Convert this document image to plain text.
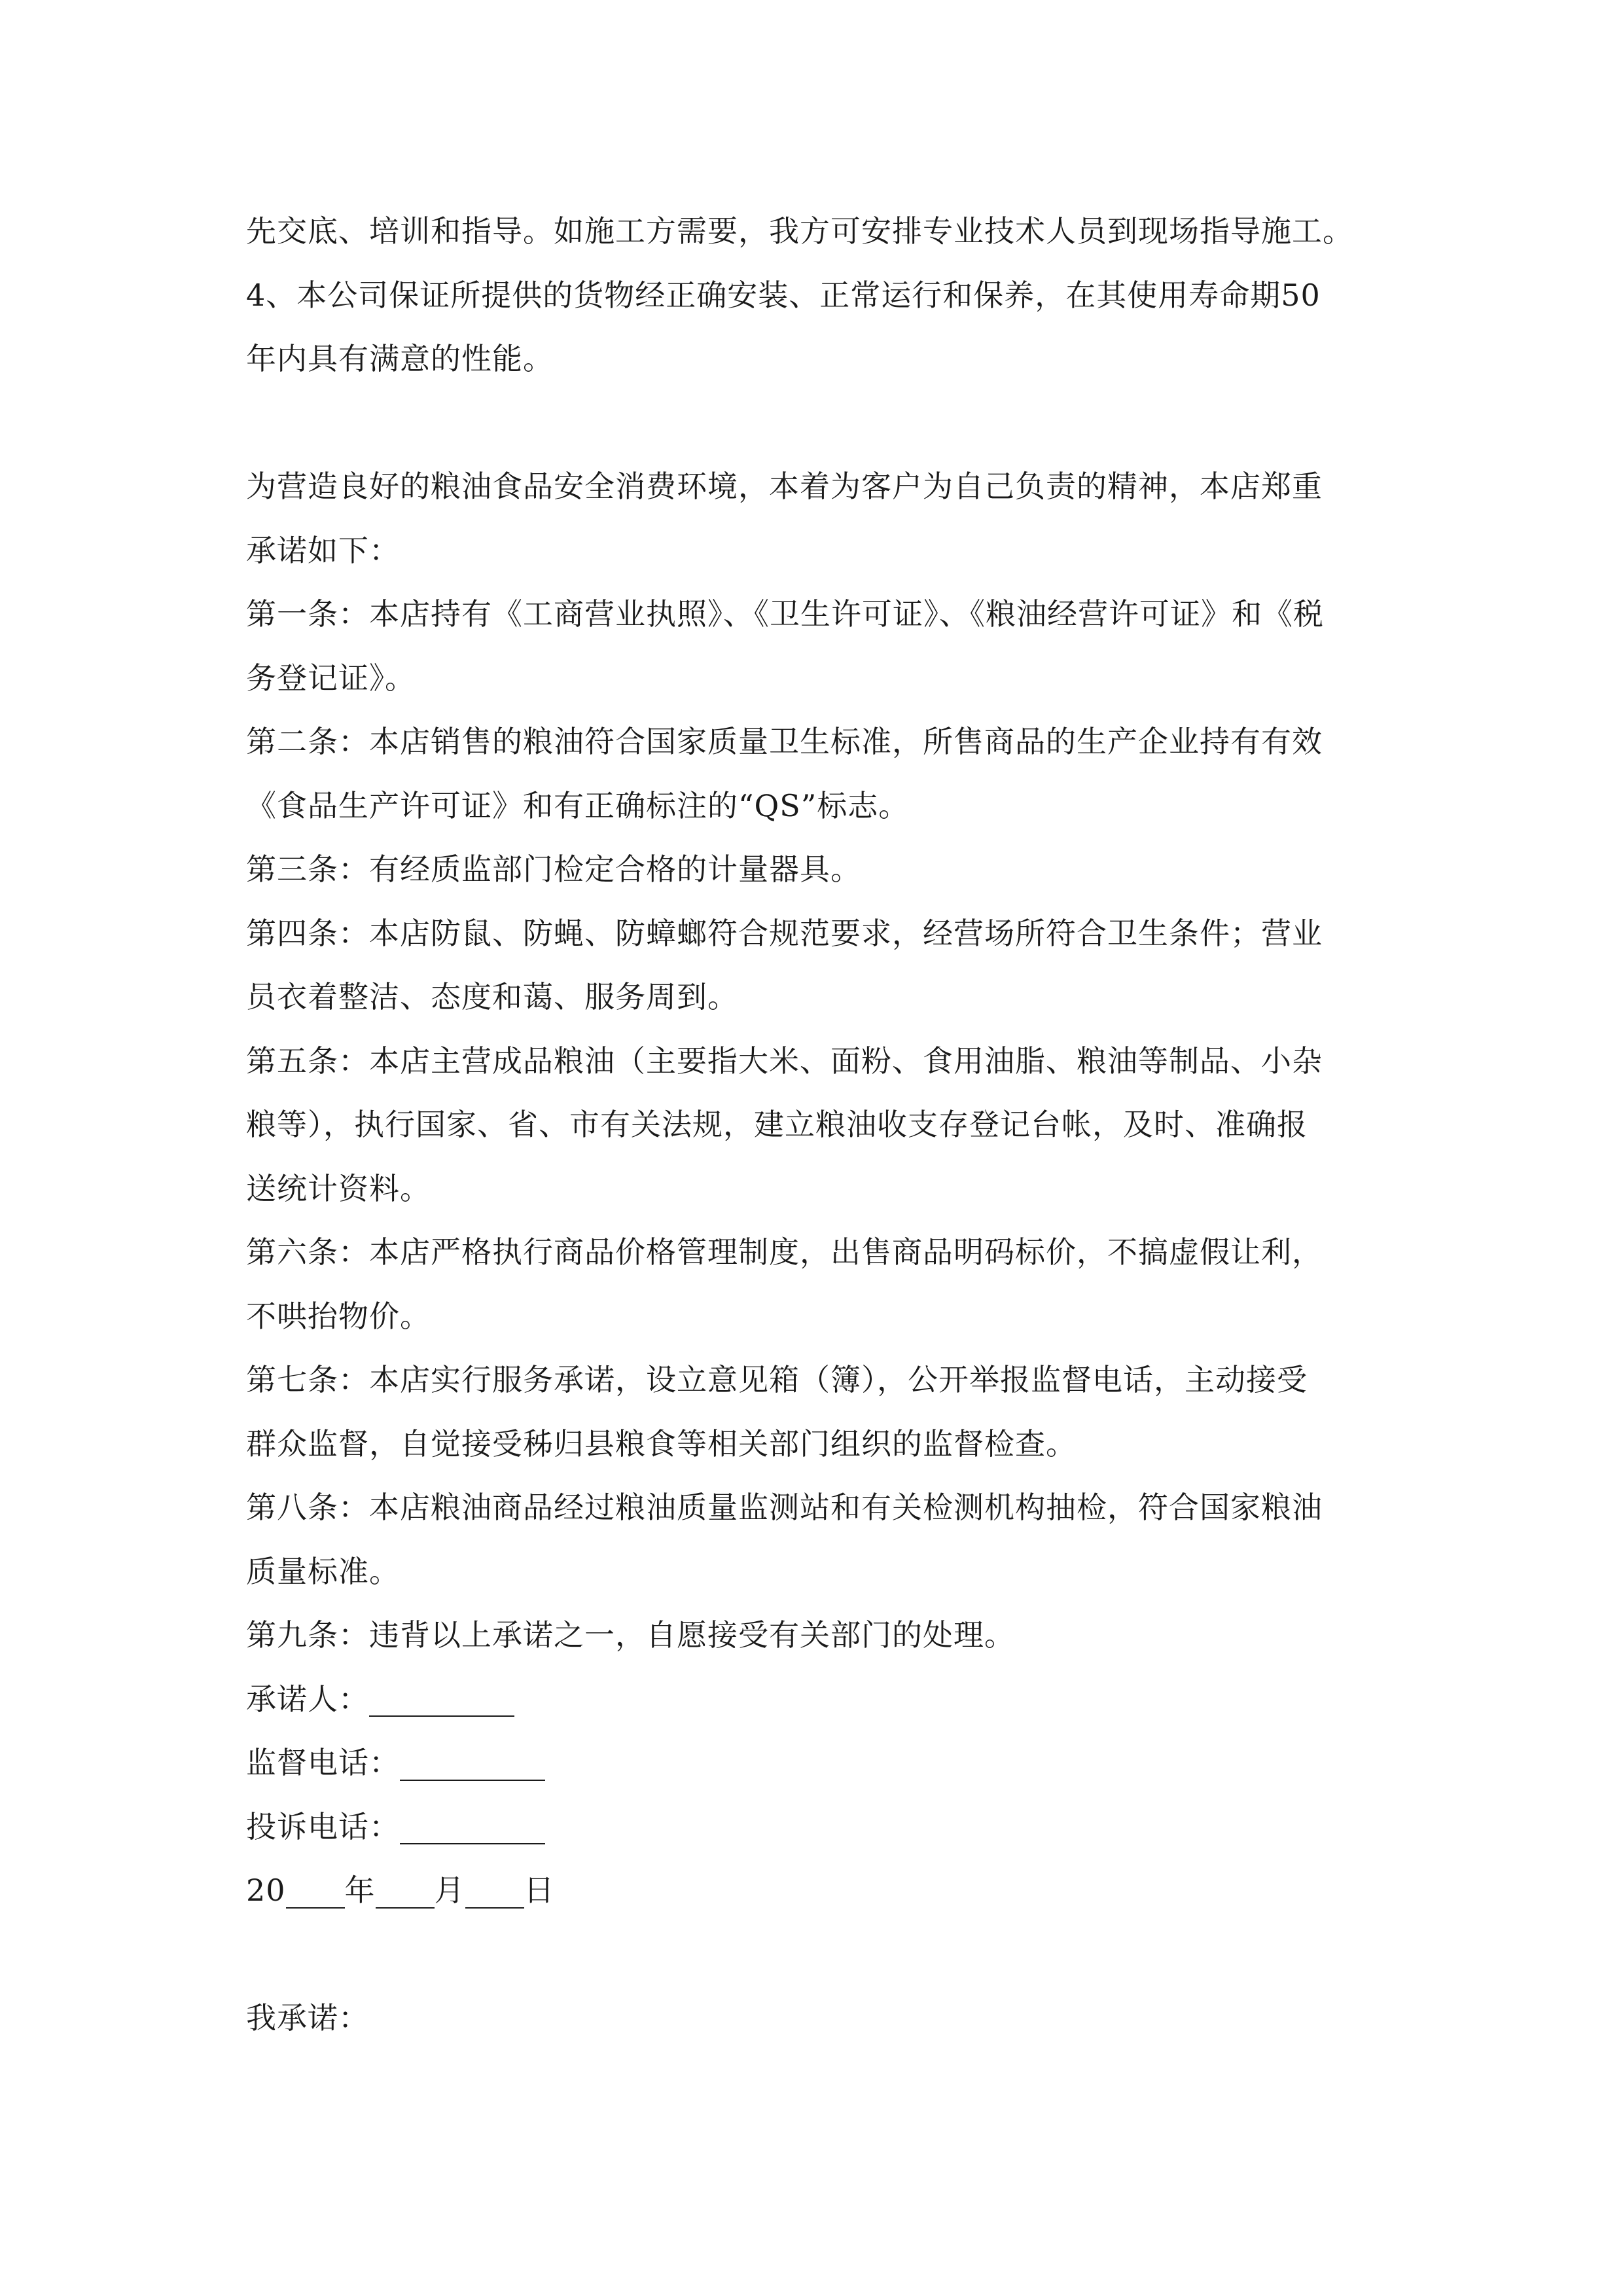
先交底、培训和指导。如施工方需要，我方可安排专业技术人员到现场指导施工。
4、本公司保证所提供的货物经正确安装、正常运行和保养，在其使用寿命期50
年内具有满意的性能。
为营造良好的粮油食品安全消费环境，本着为客户为自己负责的精神，本店郑重
承诺如下：
第一条：本店持有《工商营业执照》、《卫生许可证》、《粮油经营许可证》和《税
务登记证》。
第二条：本店销售的粮油符合国家质量卫生标准，所售商品的生产企业持有有效
《食品生产许可证》和有正确标注的“QS”标志。
第三条：有经质监部门检定合格的计量器具。
第四条：本店防鼠、防蝇、防蟑螂符合规范要求，经营场所符合卫生条件；营业
员衣着整洁、态度和蔼、服务周到。
第五条：本店主营成品粮油（主要指大米、面粉、食用油脂、粮油等制品、小杂
粮等），执行国家、省、市有关法规，建立粮油收支存登记台帐，及时、准确报
送统计资料。
第六条：本店严格执行商品价格管理制度，出售商品明码标价，不搞虚假让利，
不哄抬物价。
第七条：本店实行服务承诺，设立意见箱（簿），公开举报监督电话，主动接受
群众监督，自觉接受秭归县粮食等相关部门组织的监督检查。
第八条：本店粮油商品经过粮油质量监测站和有关检测机构抽检，符合国家粮油
质量标准。
第九条：违背以上承诺之一，自愿接受有关部门的处理。
承诺人：
监督电话：
投诉电话：
20 年 月 日
我承诺：
